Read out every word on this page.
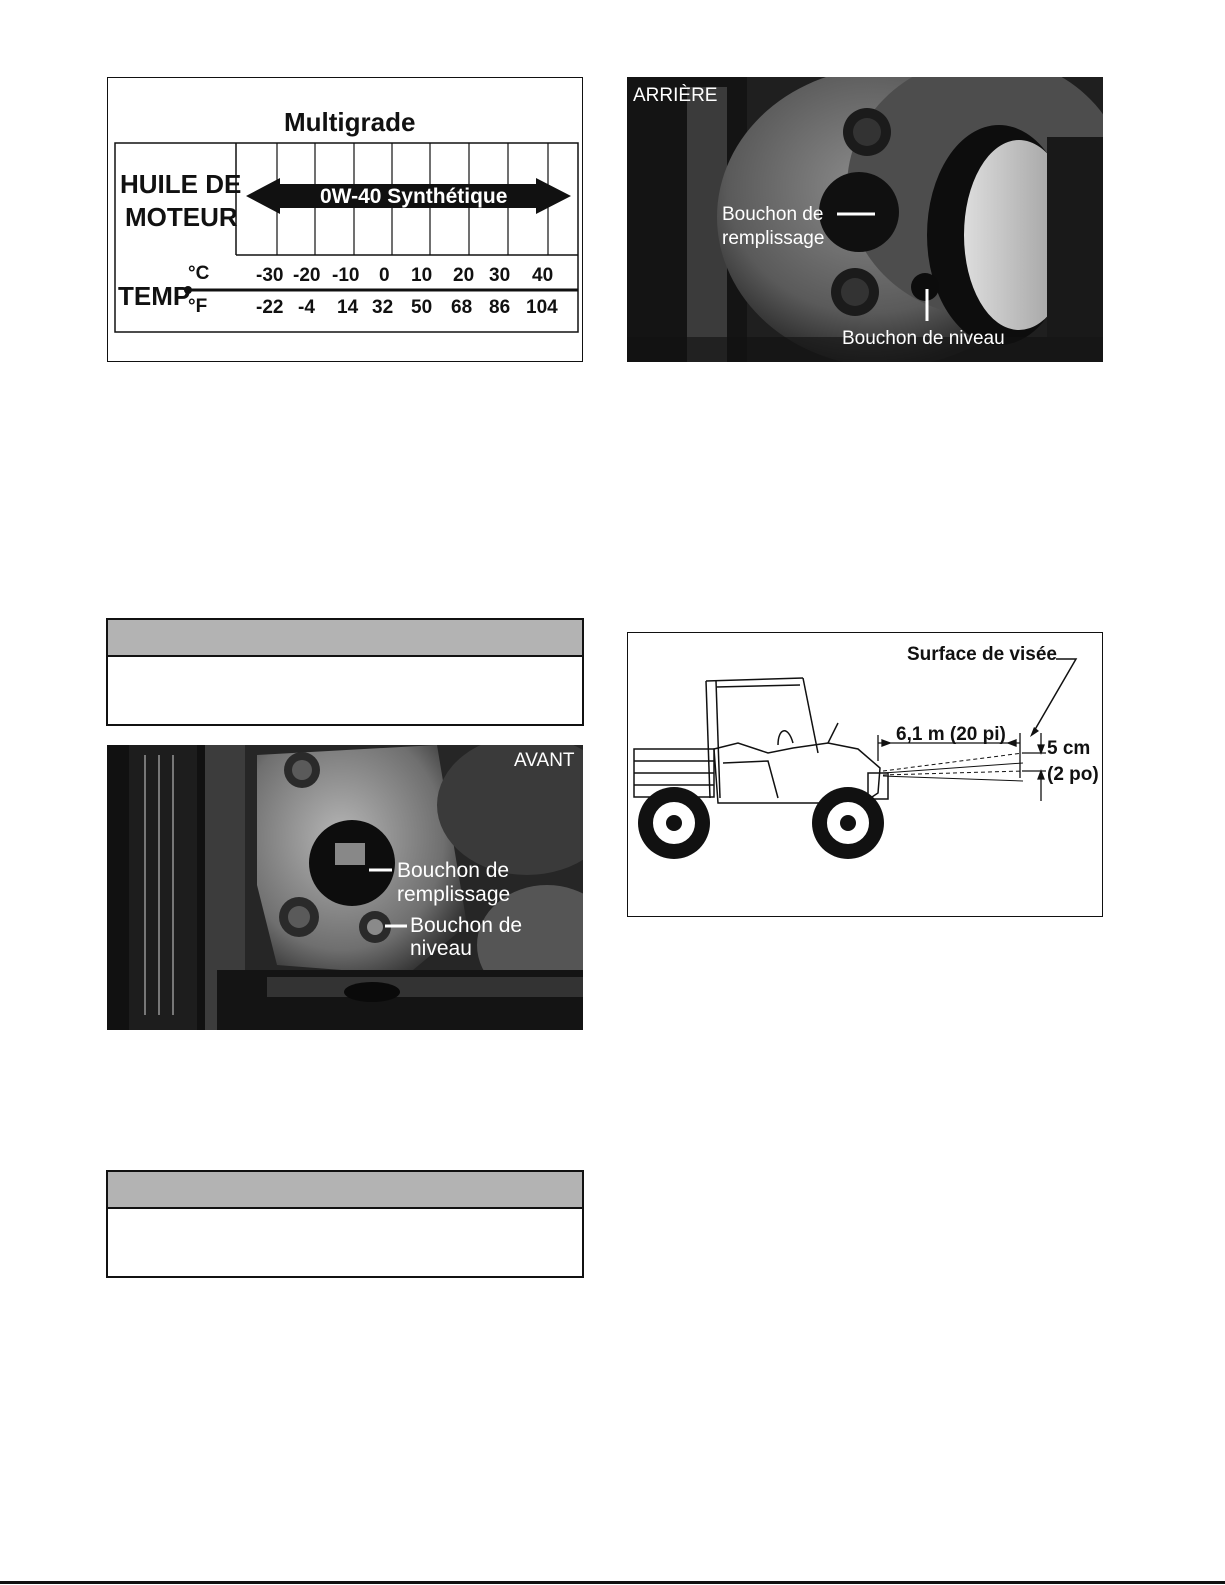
Multigrade
HUILE DE
MOTEUR
0W-40 Synthétique
TEMP
°C
°F
-30 -20 -10 0 10 20 30 40
-22 -4 14 32 50 68 86 104
ARRIÈRE
Bouchon de
remplissage
Bouchon de niveau
AVANT
Bouchon de
remplissage
Bouchon de
niveau
Surface de visée
6,1 m (20 pi)
5 cm
(2 po)
